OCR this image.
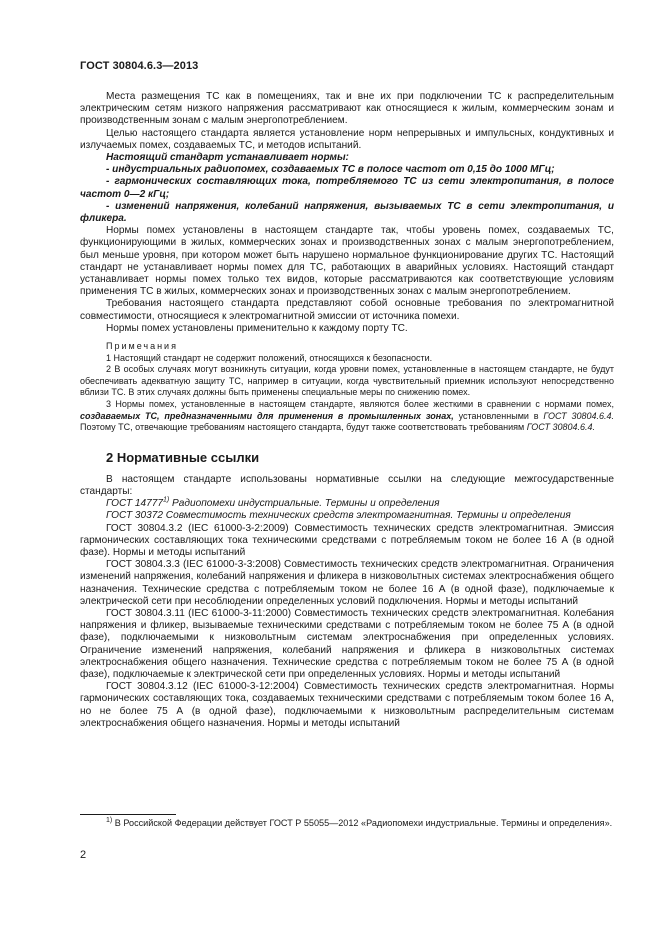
ГОСТ 30804.6.3—2013

Места размещения ТС как в помещениях, так и вне их при подключении ТС к распределительным электрическим сетям низкого напряжения рассматривают как относящиеся к жилым, коммерческим зонам и производственным зонам с малым энергопотреблением.

Целью настоящего стандарта является установление норм непрерывных и импульсных, кондуктивных и излучаемых помех, создаваемых ТС, и методов испытаний.

Настоящий стандарт устанавливает нормы:

- индустриальных радиопомех, создаваемых ТС в полосе частот от 0,15 до 1000 МГц;

- гармонических составляющих тока, потребляемого ТС из сети электропитания, в полосе частот 0—2 кГц;

- изменений напряжения, колебаний напряжения, вызываемых ТС в сети электропитания, и фликера.

Нормы помех установлены в настоящем стандарте так, чтобы уровень помех, создаваемых ТС, функционирующими в жилых, коммерческих зонах и производственных зонах с малым энергопотреблением, был меньше уровня, при котором может быть нарушено нормальное функционирование других ТС. Настоящий стандарт не устанавливает нормы помех для ТС, работающих в аварийных условиях. Настоящий стандарт устанавливает нормы помех только тех видов, которые рассматриваются как соответствующие условиям применения ТС в жилых, коммерческих зонах и производственных зонах с малым энергопотреблением.

Требования настоящего стандарта представляют собой основные требования по электромагнитной совместимости, относящиеся к электромагнитной эмиссии от источника помехи.

Нормы помех установлены применительно к каждому порту ТС.

Примечания

1 Настоящий стандарт не содержит положений, относящихся к безопасности.

2 В особых случаях могут возникнуть ситуации, когда уровни помех, установленные в настоящем стандарте, не будут обеспечивать адекватную защиту ТС, например в ситуации, когда чувствительный приемник используют непосредственно вблизи ТС. В этих случаях должны быть применены специальные меры по снижению помех.

3 Нормы помех, установленные в настоящем стандарте, являются более жесткими в сравнении с нормами помех, создаваемых ТС, предназначенными для применения в промышленных зонах, установленными в ГОСТ 30804.6.4. Поэтому ТС, отвечающие требованиям настоящего стандарта, будут также соответствовать требованиям ГОСТ 30804.6.4.

2 Нормативные ссылки

В настоящем стандарте использованы нормативные ссылки на следующие межгосударственные стандарты:

ГОСТ 14777$^{1)}$ Радиопомехи индустриальные. Термины и определения

ГОСТ 30372 Совместимость технических средств электромагнитная. Термины и определения

ГОСТ 30804.3.2 (IEC 61000-3-2:2009) Совместимость технических средств электромагнитная. Эмиссия гармонических составляющих тока техническими средствами с потребляемым током не более 16 А (в одной фазе). Нормы и методы испытаний

ГОСТ 30804.3.3 (IEC 61000-3-3:2008) Совместимость технических средств электромагнитная. Ограничения изменений напряжения, колебаний напряжения и фликера в низковольтных системах электроснабжения общего назначения. Технические средства с потребляемым током не более 16 А (в одной фазе), подключаемые к электрической сети при несоблюдении определенных условий подключения. Нормы и методы испытаний

ГОСТ 30804.3.11 (IEC 61000-3-11:2000) Совместимость технических средств электромагнитная. Колебания напряжения и фликер, вызываемые техническими средствами с потребляемым током не более 75 А (в одной фазе), подключаемыми к низковольтным системам электроснабжения при определенных условиях. Ограничение изменений напряжения, колебаний напряжения и фликера в низковольтных системах электроснабжения общего назначения. Технические средства с потребляемым током не более 75 А (в одной фазе), подключаемые к электрической сети при определенных условиях. Нормы и методы испытаний

ГОСТ 30804.3.12 (IEC 61000-3-12:2004) Совместимость технических средств электромагнитная. Нормы гармонических составляющих тока, создаваемых техническими средствами с потребляемым током более 16 А, но не более 75 А (в одной фазе), подключаемыми к низковольтным распределительным системам электроснабжения общего назначения. Нормы и методы испытаний

$^{1)}$ В Российской Федерации действует ГОСТ Р 55055—2012 «Радиопомехи индустриальные. Термины и определения».
2
